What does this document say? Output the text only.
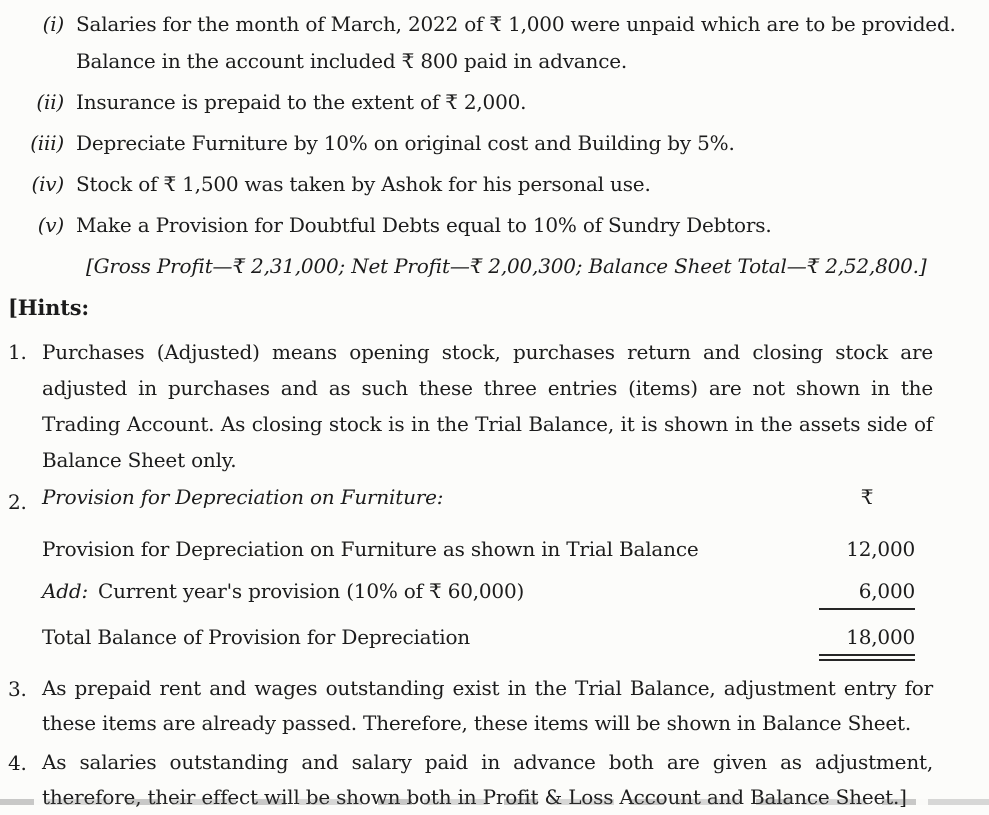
(i) Salaries for the month of March, 2022 of ₹ 1,000 were unpaid which are to be provided.
Balance in the account included ₹ 800 paid in advance.
(ii) Insurance is prepaid to the extent of ₹ 2,000.
(iii) Depreciate Furniture by 10% on original cost and Building by 5%.
(iv) Stock of ₹ 1,500 was taken by Ashok for his personal use.
(v) Make a Provision for Doubtful Debts equal to 10% of Sundry Debtors.
[Gross Profit—₹ 2,31,000; Net Profit—₹ 2,00,300; Balance Sheet Total—₹ 2,52,800.]
[Hints:
1. Purchases (Adjusted) means opening stock, purchases return and closing stock are adjusted in purchases and as such these three entries (items) are not shown in the Trading Account. As closing stock is in the Trial Balance, it is shown in the assets side of Balance Sheet only.
2. Provision for Depreciation on Furniture:	₹
Provision for Depreciation on Furniture as shown in Trial Balance	12,000
Add: Current year's provision (10% of ₹ 60,000)	6,000
Total Balance of Provision for Depreciation	18,000
3. As prepaid rent and wages outstanding exist in the Trial Balance, adjustment entry for these items are already passed. Therefore, these items will be shown in Balance Sheet.
4. As salaries outstanding and salary paid in advance both are given as adjustment, therefore, their effect will be shown both in Profit & Loss Account and Balance Sheet.]
